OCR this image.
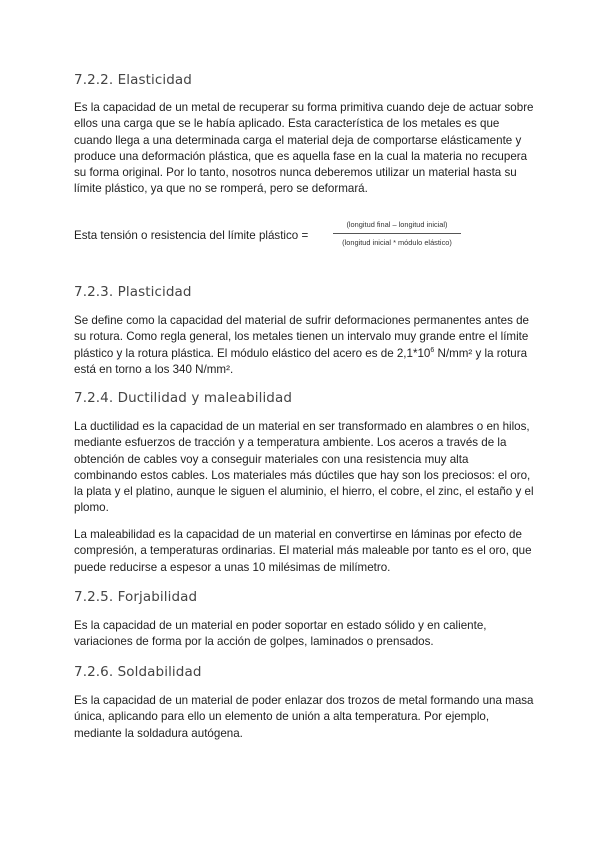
7.2.2. Elasticidad

Es la capacidad de un metal de recuperar su forma primitiva cuando deje de actuar sobre ellos una carga que se le había aplicado. Esta característica de los metales es que cuando llega a una determinada carga el material deja de comportarse elásticamente y produce una deformación plástica, que es aquella fase en la cual la materia no recupera su forma original. Por lo tanto, nosotros nunca deberemos utilizar un material hasta su límite plástico, ya que no se romperá, pero se deformará.

Esta tensión o resistencia del límite plástico =
(longitud final – longitud inicial)
(longitud inicial * módulo elástico)
7.2.3. Plasticidad

Se define como la capacidad del material de sufrir deformaciones permanentes antes de su rotura. Como regla general, los metales tienen un intervalo muy grande entre el límite plástico y la rotura plástica. El módulo elástico del acero es de $2,1*10^6$ N/mm² y la rotura está en torno a los 340 N/mm².

7.2.4. Ductilidad y maleabilidad

La ductilidad es la capacidad de un material en ser transformado en alambres o en hilos, mediante esfuerzos de tracción y a temperatura ambiente. Los aceros a través de la obtención de cables voy a conseguir materiales con una resistencia muy alta combinando estos cables. Los materiales más dúctiles que hay son los preciosos: el oro, la plata y el platino, aunque le siguen el aluminio, el hierro, el cobre, el zinc, el estaño y el plomo.

La maleabilidad es la capacidad de un material en convertirse en láminas por efecto de compresión, a temperaturas ordinarias. El material más maleable por tanto es el oro, que puede reducirse a espesor a unas 10 milésimas de milímetro.

7.2.5. Forjabilidad

Es la capacidad de un material en poder soportar en estado sólido y en caliente, variaciones de forma por la acción de golpes, laminados o prensados.

7.2.6. Soldabilidad

Es la capacidad de un material de poder enlazar dos trozos de metal formando una masa única, aplicando para ello un elemento de unión a alta temperatura. Por ejemplo, mediante la soldadura autógena.
